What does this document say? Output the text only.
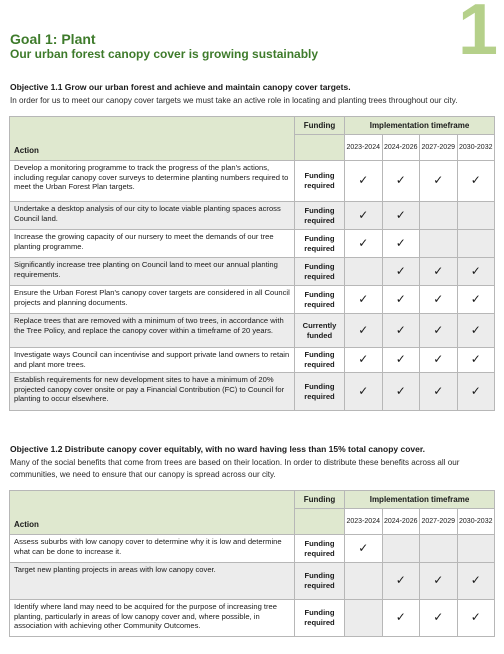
1
Goal 1: Plant
Our urban forest canopy cover is growing sustainably
Objective 1.1 Grow our urban forest and achieve and maintain canopy cover targets.
In order for us to meet our canopy cover targets we must take an active role in locating and planting trees throughout our city.
Action	Funding	Implementation timeframe			
		2023-2024	2024-2026	2027-2029	2030-2032
Develop a monitoring programme to track the progress of the plan's actions, including regular canopy cover surveys to determine planting numbers required to meet the Urban Forest Plan targets.	Funding required	✓	✓	✓	✓
Undertake a desktop analysis of our city to locate viable planting spaces across Council land.	Funding required	✓	✓		
Increase the growing capacity of our nursery to meet the demands of our tree planting programme.	Funding required	✓	✓		
Significantly increase tree planting on Council land to meet our annual planting requirements.	Funding required		✓	✓	✓
Ensure the Urban Forest Plan's canopy cover targets are considered in all Council projects and planning documents.	Funding required	✓	✓	✓	✓
Replace trees that are removed with a minimum of two trees, in accordance with the Tree Policy, and replace the canopy cover within a timeframe of 20 years.	Currently funded	✓	✓	✓	✓
Investigate ways Council can incentivise and support private land owners to retain and plant more trees.	Funding required	✓	✓	✓	✓
Establish requirements for new development sites to have a minimum of 20% projected canopy cover onsite or pay a Financial Contribution (FC) to Council for planting to occur elsewhere.	Funding required	✓	✓	✓	✓
Objective 1.2 Distribute canopy cover equitably, with no ward having less than 15% total canopy cover.
Many of the social benefits that come from trees are based on their location. In order to distribute these benefits across all our communities, we need to ensure that our canopy is spread across our city.
Action	Funding	Implementation timeframe			
		2023-2024	2024-2026	2027-2029	2030-2032
Assess suburbs with low canopy cover to determine why it is low and determine what can be done to increase it.	Funding required	✓			
Target new planting projects in areas with low canopy cover.	Funding required		✓	✓	✓
Identify where land may need to be acquired for the purpose of increasing tree planting, particularly in areas of low canopy cover and, where possible, in association with achieving other Community Outcomes.	Funding required		✓	✓	✓
